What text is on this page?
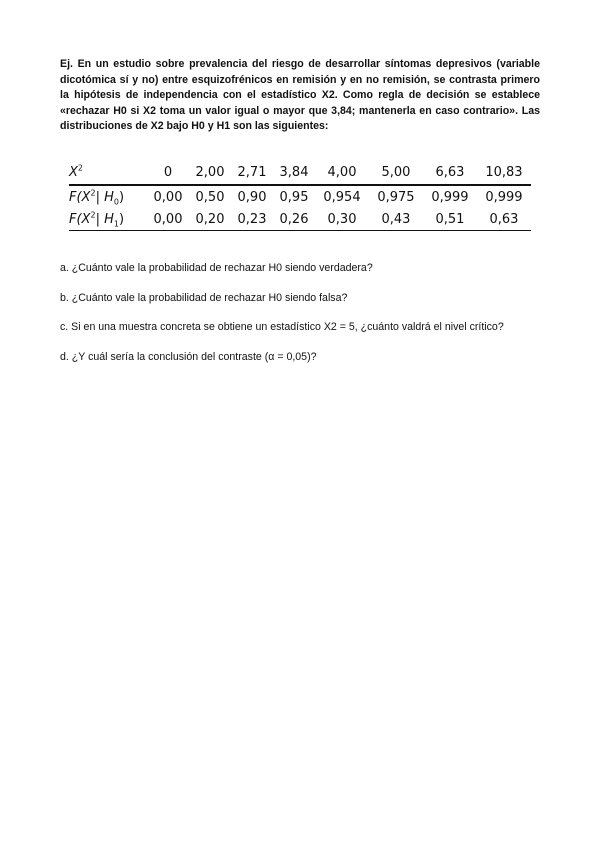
Ej. En un estudio sobre prevalencia del riesgo de desarrollar síntomas depresivos (variable dicotómica sí y no) entre esquizofrénicos en remisión y en no remisión, se contrasta primero la hipótesis de independencia con el estadístico X2. Como regla de decisión se establece «rechazar H0 si X2 toma un valor igual o mayor que 3,84; mantenerla en caso contrario». Las distribuciones de X2 bajo H0 y H1 son las siguientes:

$X^2$	0	2,00	2,71	3,84	4,00	5,00	6,63	10,83
$F(X^2|$ $H_0$)	0,00	0,50	0,90	0,95	0,954	0,975	0,999	0,999
$F(X^2|$ $H_1$)	0,00	0,20	0,23	0,26	0,30	0,43	0,51	0,63

a. ¿Cuánto vale la probabilidad de rechazar H0 siendo verdadera?

b. ¿Cuánto vale la probabilidad de rechazar H0 siendo falsa?

c. Si en una muestra concreta se obtiene un estadístico X2 = 5, ¿cuánto valdrá el nivel crítico?

d. ¿Y cuál sería la conclusión del contraste (α = 0,05)?
